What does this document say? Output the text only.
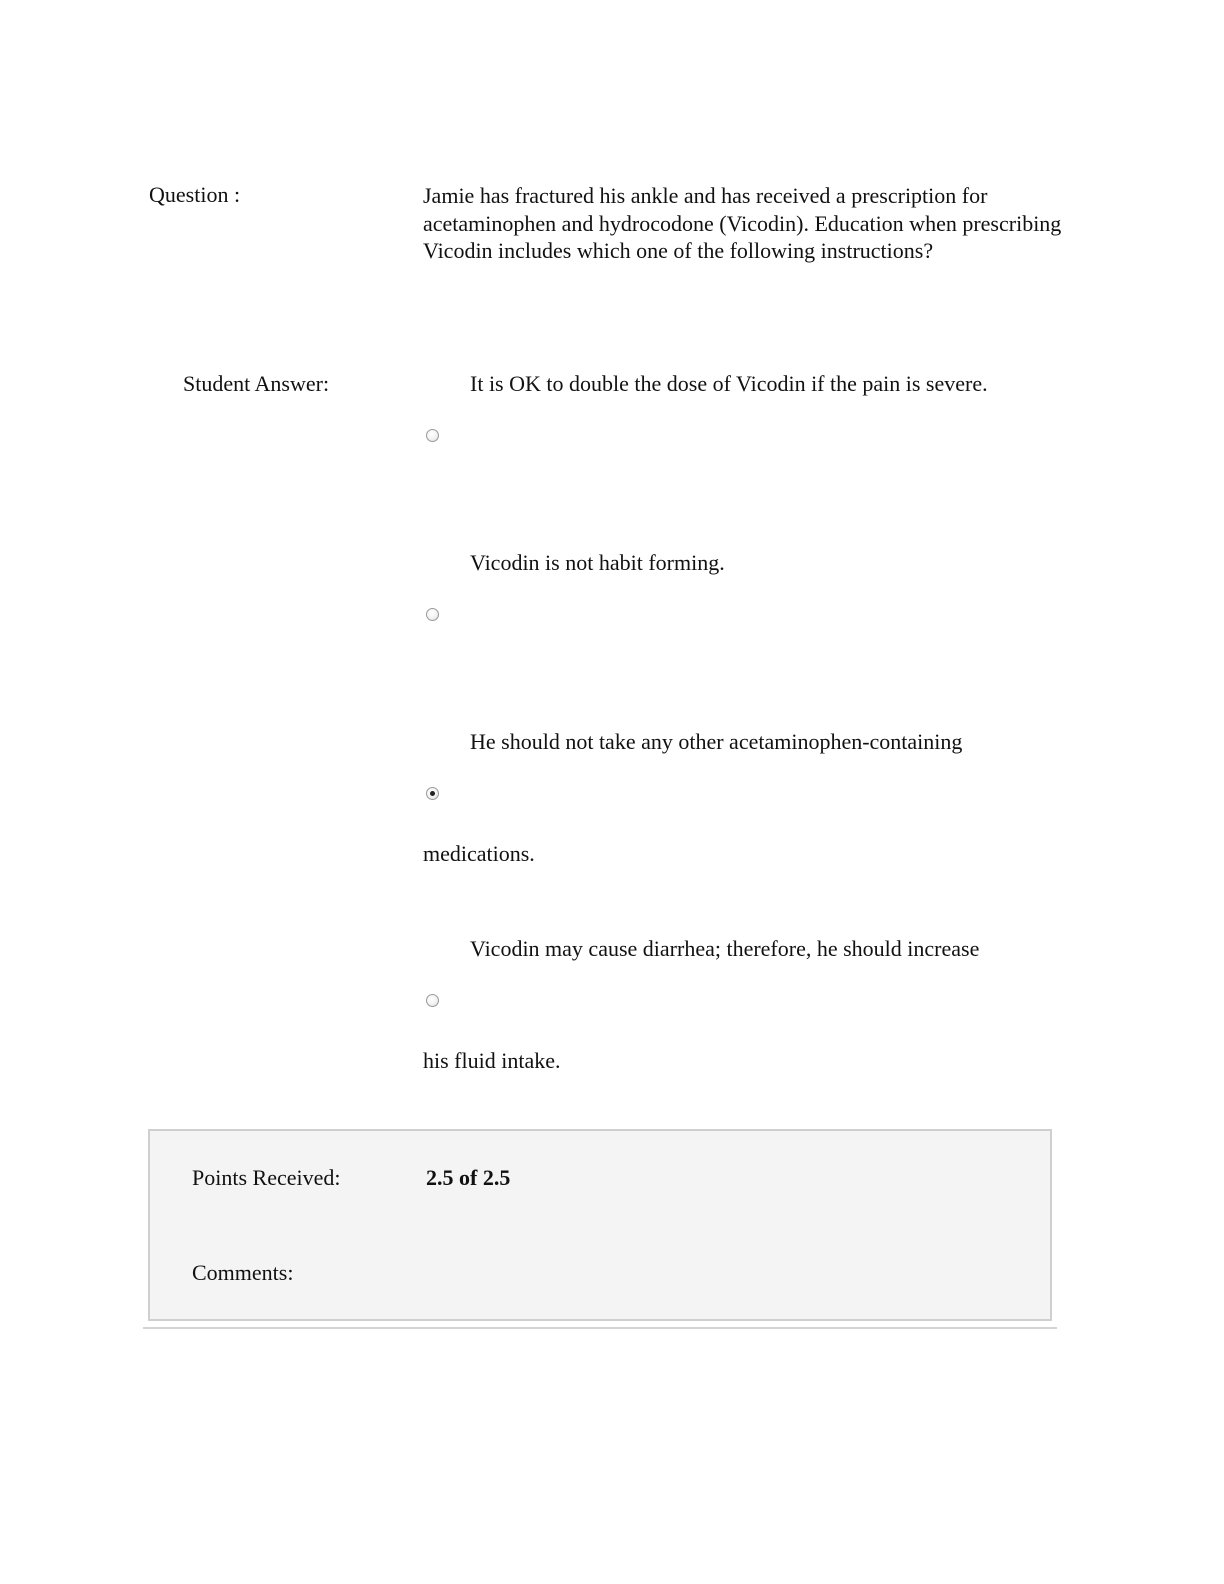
Question :	Jamie has fractured his ankle and has received a prescription for acetaminophen and hydrocodone (Vicodin). Education when prescribing Vicodin includes which one of the following instructions?
Student Answer:	It is OK to double the dose of Vicodin if the pain is severe.
Vicodin is not habit forming.
He should not take any other acetaminophen-containing
medications.
Vicodin may cause diarrhea; therefore, he should increase
his fluid intake.
Points Received:	2.5 of 2.5
Comments:
